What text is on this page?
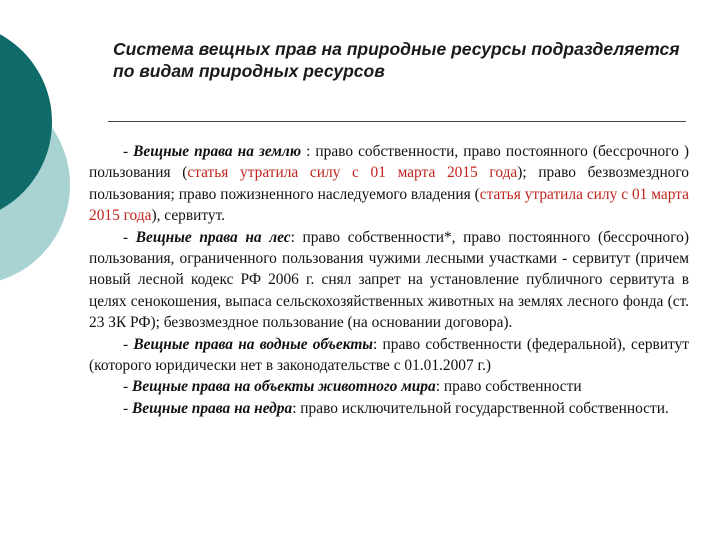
Система вещных прав на природные ресурсы подразделяется по видам природных ресурсов

- Вещные права на землю : право собственности, право постоянного (бессрочного ) пользования (статья утратила силу с 01 марта 2015 года); право безвозмездного пользования; право пожизненного наследуемого владения (статья утратила силу с 01 марта 2015 года), сервитут.

- Вещные права на лес: право собственности*, право постоянного (бессрочного) пользования, ограниченного пользования чужими лесными участками - сервитут (причем новый лесной кодекс РФ 2006 г. снял запрет на установление публичного сервитута в целях сенокошения, выпаса сельскохозяйственных животных на землях лесного фонда (ст. 23 ЗК РФ); безвозмездное пользование (на основании договора).

- Вещные права на водные объекты: право собственности (федеральной), сервитут (которого юридически нет в законодательстве с 01.01.2007 г.)

- Вещные права на объекты животного мира: право собственности

- Вещные права на недра: право исключительной государственной собственности.
